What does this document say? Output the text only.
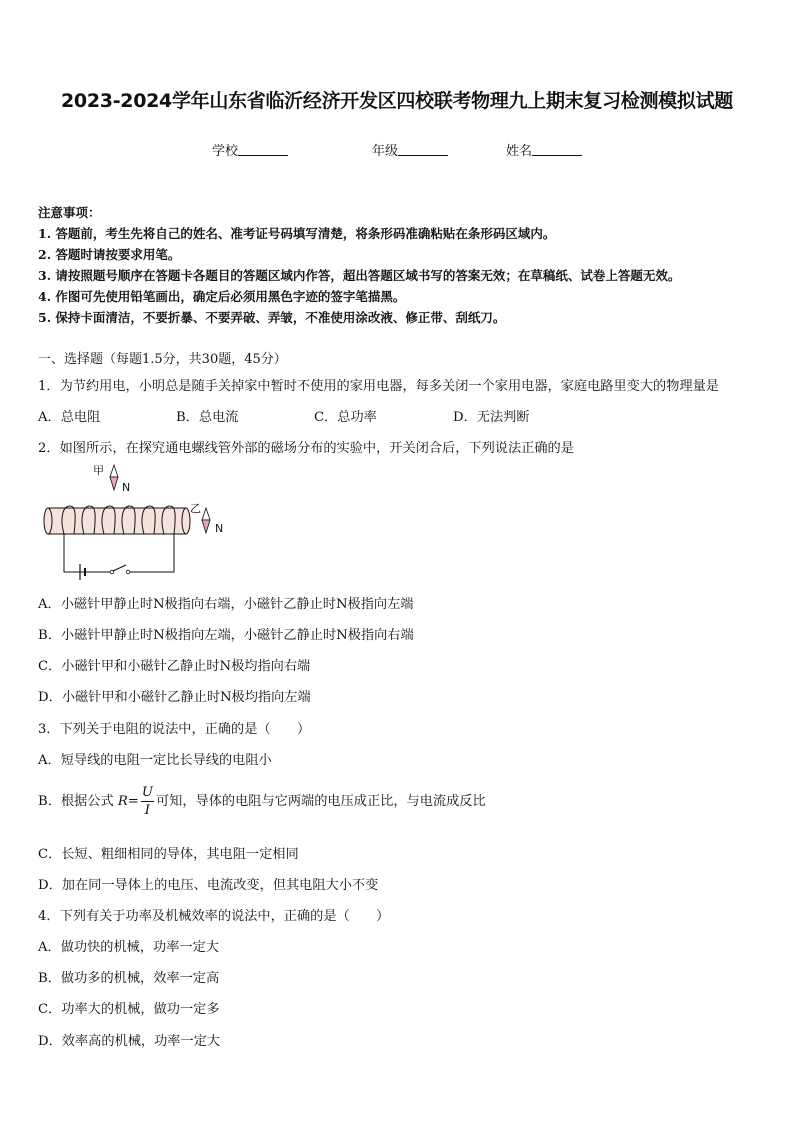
2023-2024学年山东省临沂经济开发区四校联考物理九上期末复习检测模拟试题
学校	年级	姓名
注意事项：
1. 答题前，考生先将自己的姓名、准考证号码填写清楚，将条形码准确粘贴在条形码区域内。
2. 答题时请按要求用笔。
3. 请按照题号顺序在答题卡各题目的答题区域内作答，超出答题区域书写的答案无效；在草稿纸、试卷上答题无效。
4. 作图可先使用铅笔画出，确定后必须用黑色字迹的签字笔描黑。
5. 保持卡面清洁，不要折暴、不要弄破、弄皱，不准使用涂改液、修正带、刮纸刀。
一、选择题（每题1.5分，共30题，45分）
1．为节约用电，小明总是随手关掉家中暂时不使用的家用电器，每多关闭一个家用电器，家庭电路里变大的物理量是
A．总电阻	B．总电流	C．总功率	D．无法判断
2．如图所示，在探究通电螺线管外部的磁场分布的实验中，开关闭合后，下列说法正确的是
甲
N
乙
N
A．小磁针甲静止时N极指向右端，小磁针乙静止时N极指向左端
B．小磁针甲静止时N极指向左端，小磁针乙静止时N极指向右端
C．小磁针甲和小磁针乙静止时N极均指向右端
D．小磁针甲和小磁针乙静止时N极均指向左端
3．下列关于电阻的说法中，正确的是（　　）
A．短导线的电阻一定比长导线的电阻小
B．根据公式 $R= \frac{U}{I}$ 可知，导体的电阻与它两端的电压成正比，与电流成反比
C．长短、粗细相同的导体，其电阻一定相同
D．加在同一导体上的电压、电流改变，但其电阻大小不变
4．下列有关于功率及机械效率的说法中，正确的是（　　）
A．做功快的机械，功率一定大
B．做功多的机械，效率一定高
C．功率大的机械，做功一定多
D．效率高的机械，功率一定大
